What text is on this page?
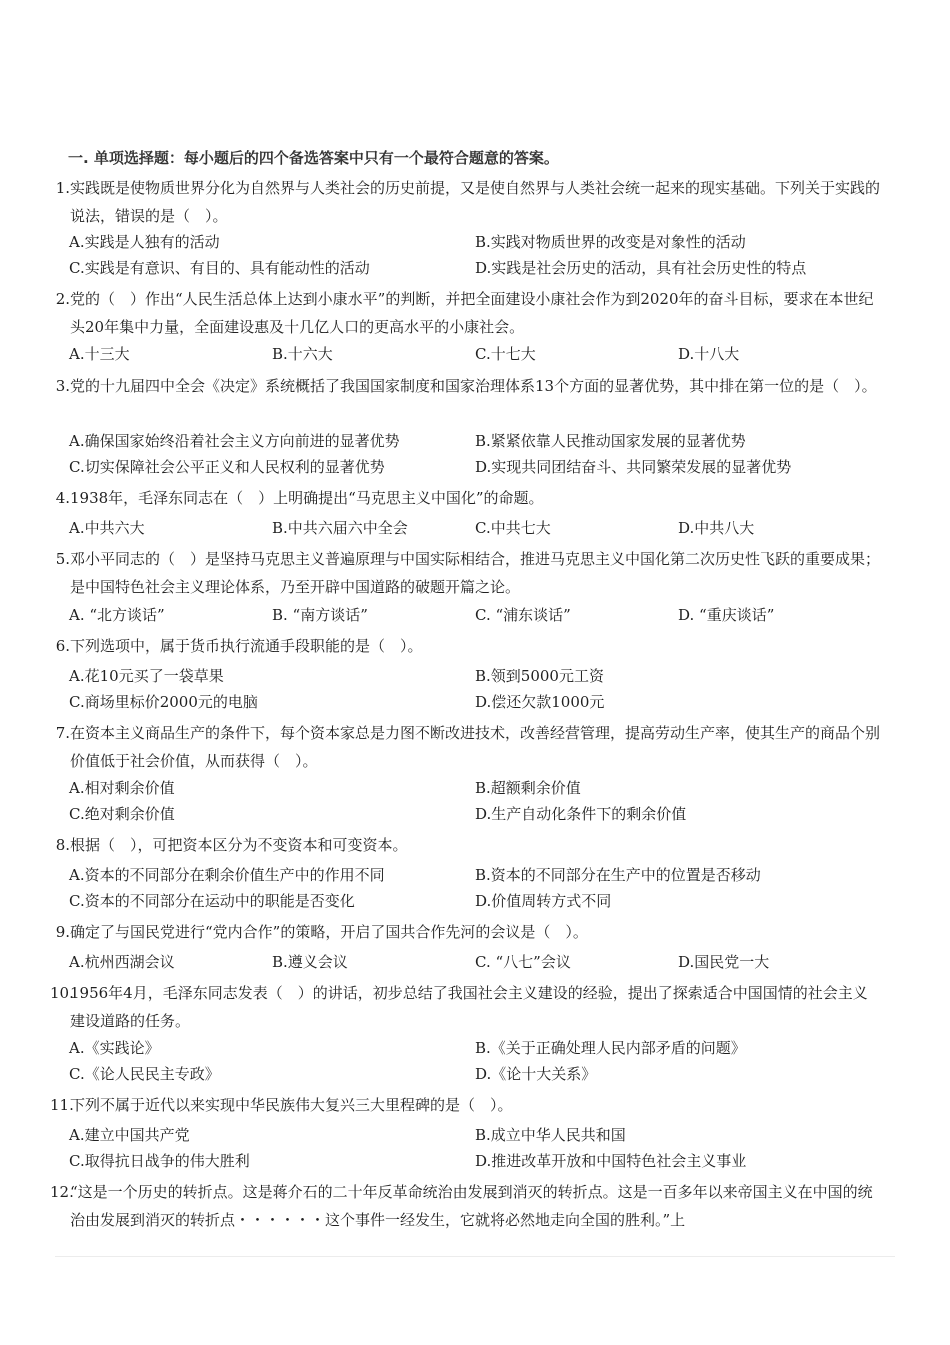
一. 单项选择题：每小题后的四个备选答案中只有一个最符合题意的答案。
1. 实践既是使物质世界分化为自然界与人类社会的历史前提，又是使自然界与人类社会统一起来的现实基础。下列关于实践的说法，错误的是（　）。
A.实践是人独有的活动	B.实践对物质世界的改变是对象性的活动
C.实践是有意识、有目的、具有能动性的活动	D.实践是社会历史的活动，具有社会历史性的特点
2. 党的（　）作出“人民生活总体上达到小康水平”的判断，并把全面建设小康社会作为到2020年的奋斗目标，要求在本世纪头20年集中力量，全面建设惠及十几亿人口的更高水平的小康社会。
A.十三大	B.十六大	C.十七大	D.十八大
3. 党的十九届四中全会《决定》系统概括了我国国家制度和国家治理体系13个方面的显著优势，其中排在第一位的是（　）。
A.确保国家始终沿着社会主义方向前进的显著优势	B.紧紧依靠人民推动国家发展的显著优势
C.切实保障社会公平正义和人民权利的显著优势	D.实现共同团结奋斗、共同繁荣发展的显著优势
4. 1938年，毛泽东同志在（　）上明确提出“马克思主义中国化”的命题。
A.中共六大	B.中共六届六中全会	C.中共七大	D.中共八大
5. 邓小平同志的（　）是坚持马克思主义普遍原理与中国实际相结合，推进马克思主义中国化第二次历史性飞跃的重要成果；是中国特色社会主义理论体系，乃至开辟中国道路的破题开篇之论。
A. “北方谈话”	B. “南方谈话”	C. “浦东谈话”	D. “重庆谈话”
6. 下列选项中，属于货币执行流通手段职能的是（　）。
A.花10元买了一袋草果	B.领到5000元工资
C.商场里标价2000元的电脑	D.偿还欠款1000元
7. 在资本主义商品生产的条件下，每个资本家总是力图不断改进技术，改善经营管理，提高劳动生产率，使其生产的商品个别价值低于社会价值，从而获得（　）。
A.相对剩余价值	B.超额剩余价值
C.绝对剩余价值	D.生产自动化条件下的剩余价值
8. 根据（　），可把资本区分为不变资本和可变资本。
A.资本的不同部分在剩余价值生产中的作用不同	B.资本的不同部分在生产中的位置是否移动
C.资本的不同部分在运动中的职能是否变化	D.价值周转方式不同
9. 确定了与国民党进行“党内合作”的策略，开启了国共合作先河的会议是（　）。
A.杭州西湖会议	B.遵义会议	C. “八七”会议	D.国民党一大
10.
1956年4月，毛泽东同志发表（　）的讲话，初步总结了我国社会主义建设的经验，提出了探索适合中国国情的社会主义建设道路的任务。
A.《实践论》	B.《关于正确处理人民内部矛盾的问题》
C.《论人民民主专政》	D.《论十大关系》
11.
下列不属于近代以来实现中华民族伟大复兴三大里程碑的是（　）。
A.建立中国共产党	B.成立中华人民共和国
C.取得抗日战争的伟大胜利	D.推进改革开放和中国特色社会主义事业
12.
“这是一个历史的转折点。这是蒋介石的二十年反革命统治由发展到消灭的转折点。这是一百多年以来帝国主义在中国的统治由发展到消灭的转折点・・・・・・这个事件一经发生，它就将必然地走向全国的胜利。”上
